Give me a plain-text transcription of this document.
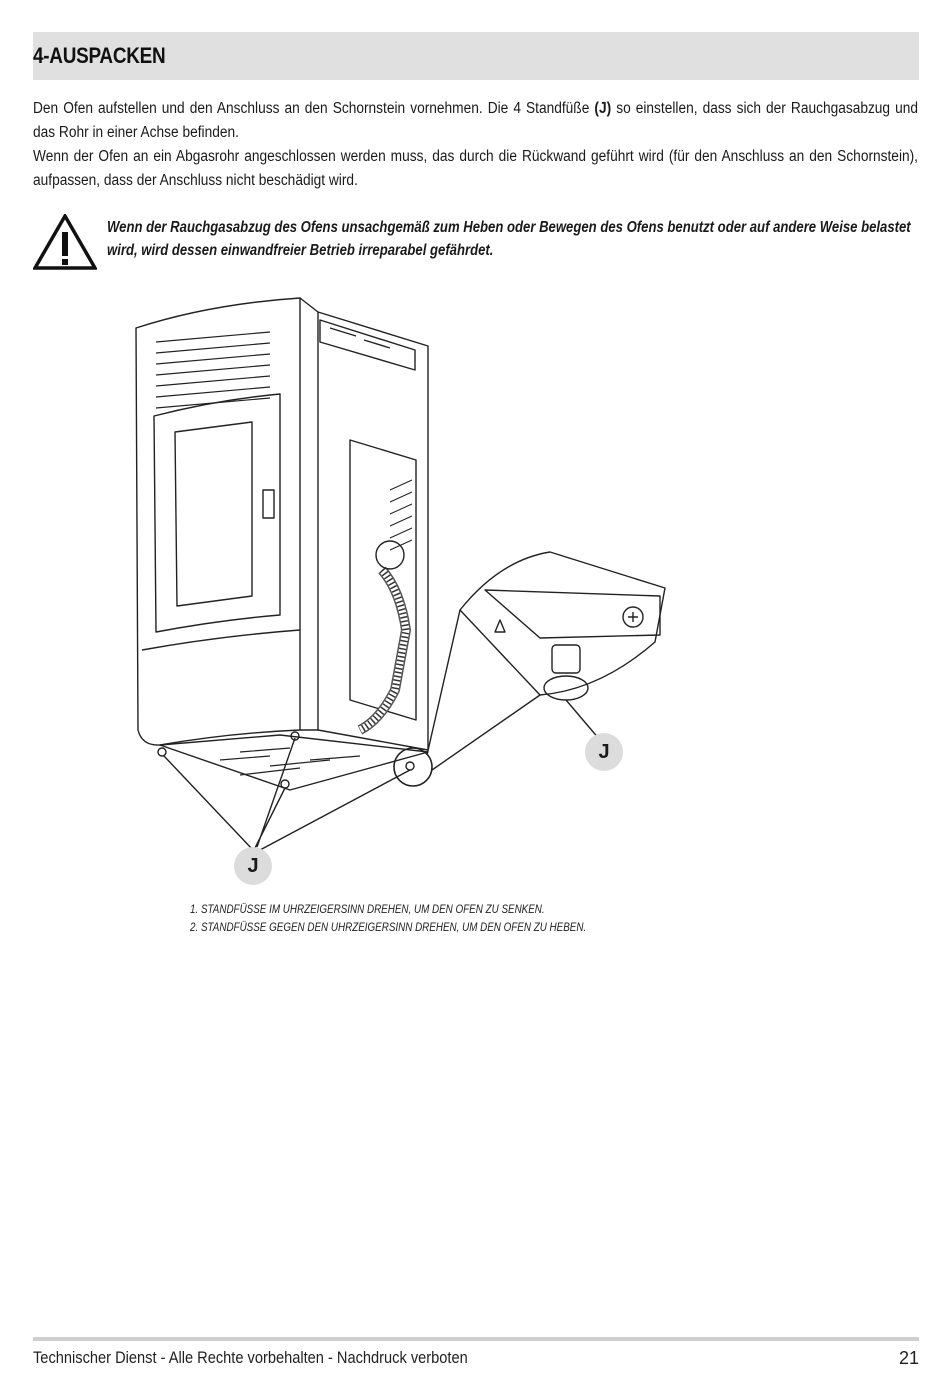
4-AUSPACKEN

Den Ofen aufstellen und den Anschluss an den Schornstein vornehmen. Die 4 Standfüße (J) so einstellen, dass sich der Rauchgasabzug und das Rohr in einer Achse befinden.

Wenn der Ofen an ein Abgasrohr angeschlossen werden muss, das durch die Rückwand geführt wird (für den Anschluss an den Schornstein), aufpassen, dass der Anschluss nicht beschädigt wird.

Wenn der Rauchgasabzug des Ofens unsachgemäß zum Heben oder Bewegen des Ofens benutzt oder auf andere Weise belastet wird, wird dessen einwandfreier Betrieb irreparabel gefährdet.

J
J
1. STANDFÜSSE IM UHRZEIGERSINN DREHEN, UM DEN OFEN ZU SENKEN.
2. STANDFÜSSE GEGEN DEN UHRZEIGERSINN DREHEN, UM DEN OFEN ZU HEBEN.
Technischer Dienst - Alle Rechte vorbehalten - Nachdruck verboten	21
